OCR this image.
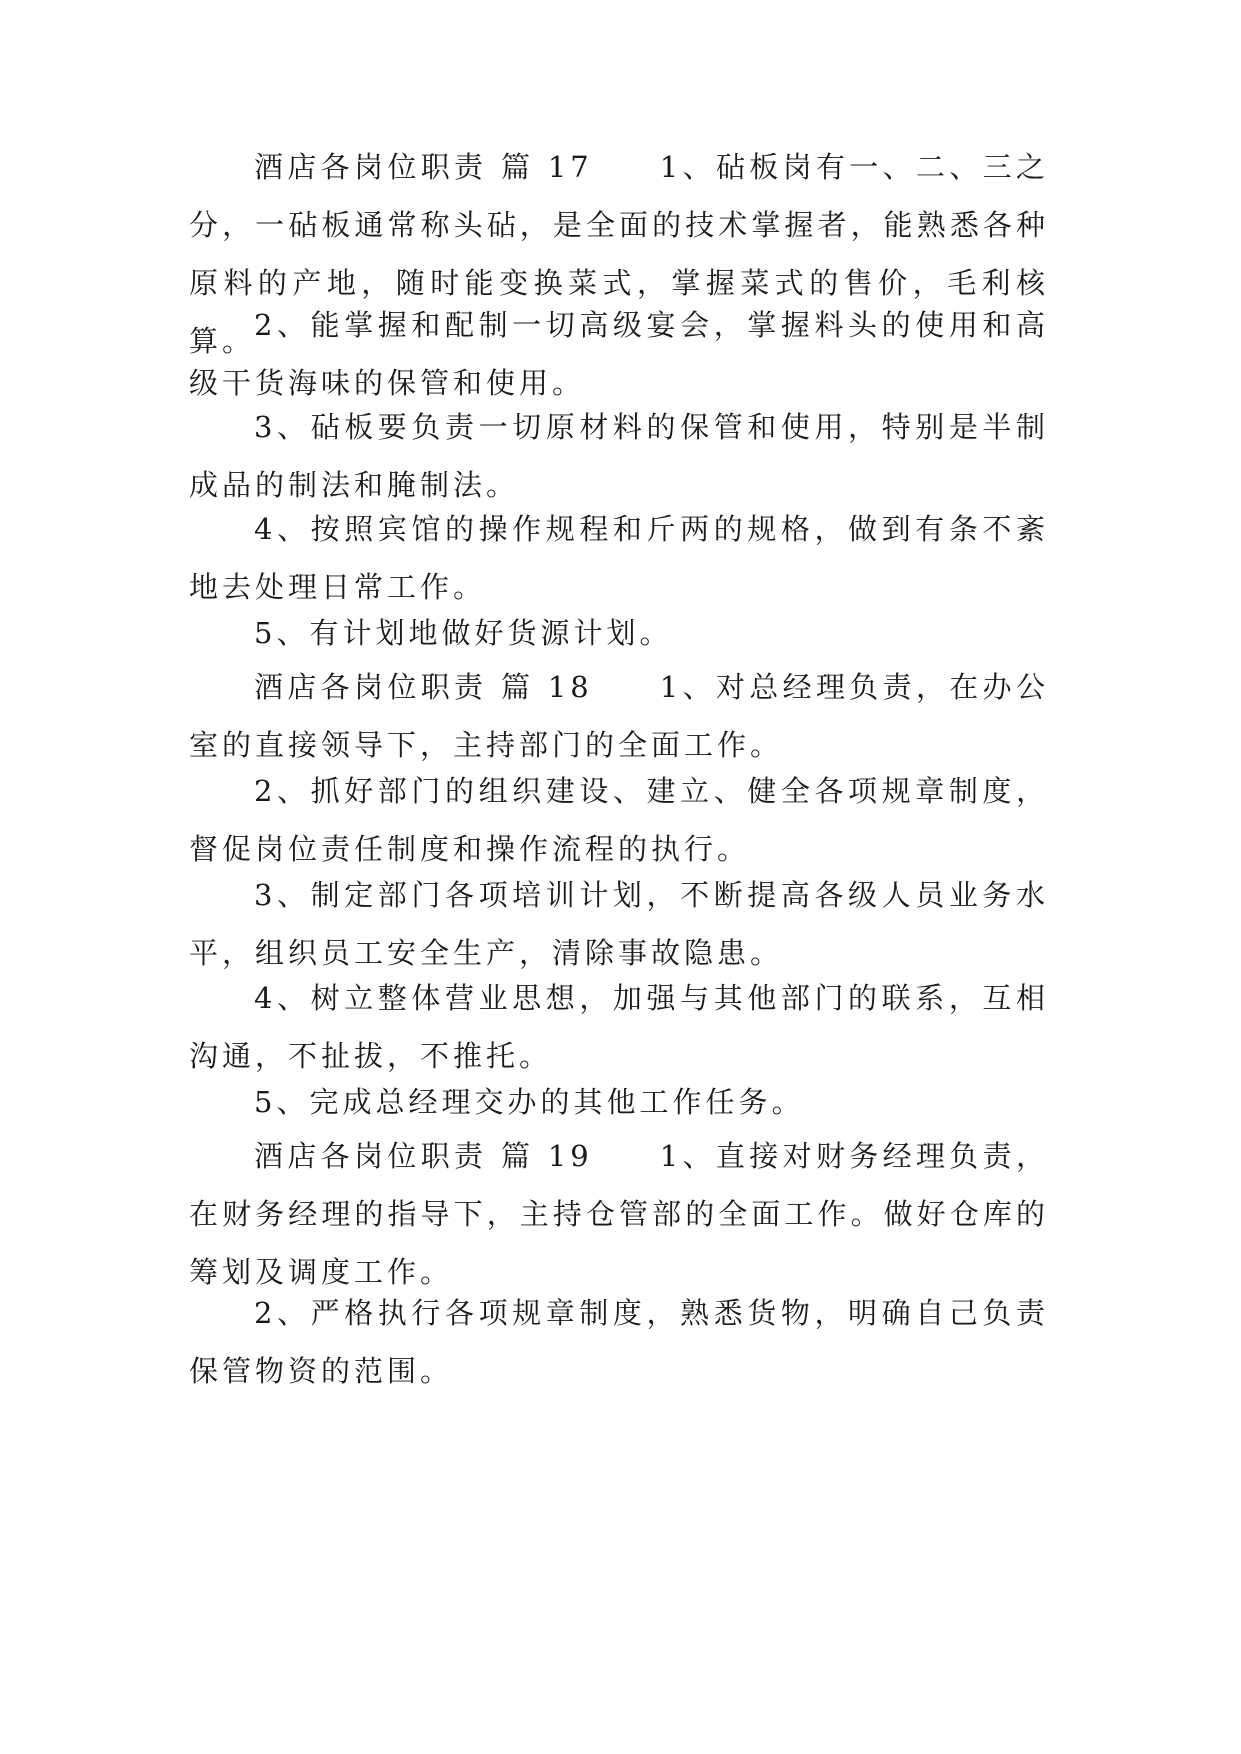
酒店各岗位职责 篇 17　　1、砧板岗有一、二、三之分，一砧板通常称头砧，是全面的技术掌握者，能熟悉各种原料的产地，随时能变换菜式，掌握菜式的售价，毛利核算。

2、能掌握和配制一切高级宴会，掌握料头的使用和高级干货海味的保管和使用。

3、砧板要负责一切原材料的保管和使用，特别是半制成品的制法和腌制法。

4、按照宾馆的操作规程和斤两的规格，做到有条不紊地去处理日常工作。

5、有计划地做好货源计划。

酒店各岗位职责 篇 18　　1、对总经理负责，在办公室的直接领导下，主持部门的全面工作。

2、抓好部门的组织建设、建立、健全各项规章制度，督促岗位责任制度和操作流程的执行。

3、制定部门各项培训计划，不断提高各级人员业务水平，组织员工安全生产，清除事故隐患。

4、树立整体营业思想，加强与其他部门的联系，互相沟通，不扯拔，不推托。

5、完成总经理交办的其他工作任务。

酒店各岗位职责 篇 19　　1、直接对财务经理负责，在财务经理的指导下，主持仓管部的全面工作。做好仓库的筹划及调度工作。

2、严格执行各项规章制度，熟悉货物，明确自己负责保管物资的范围。
